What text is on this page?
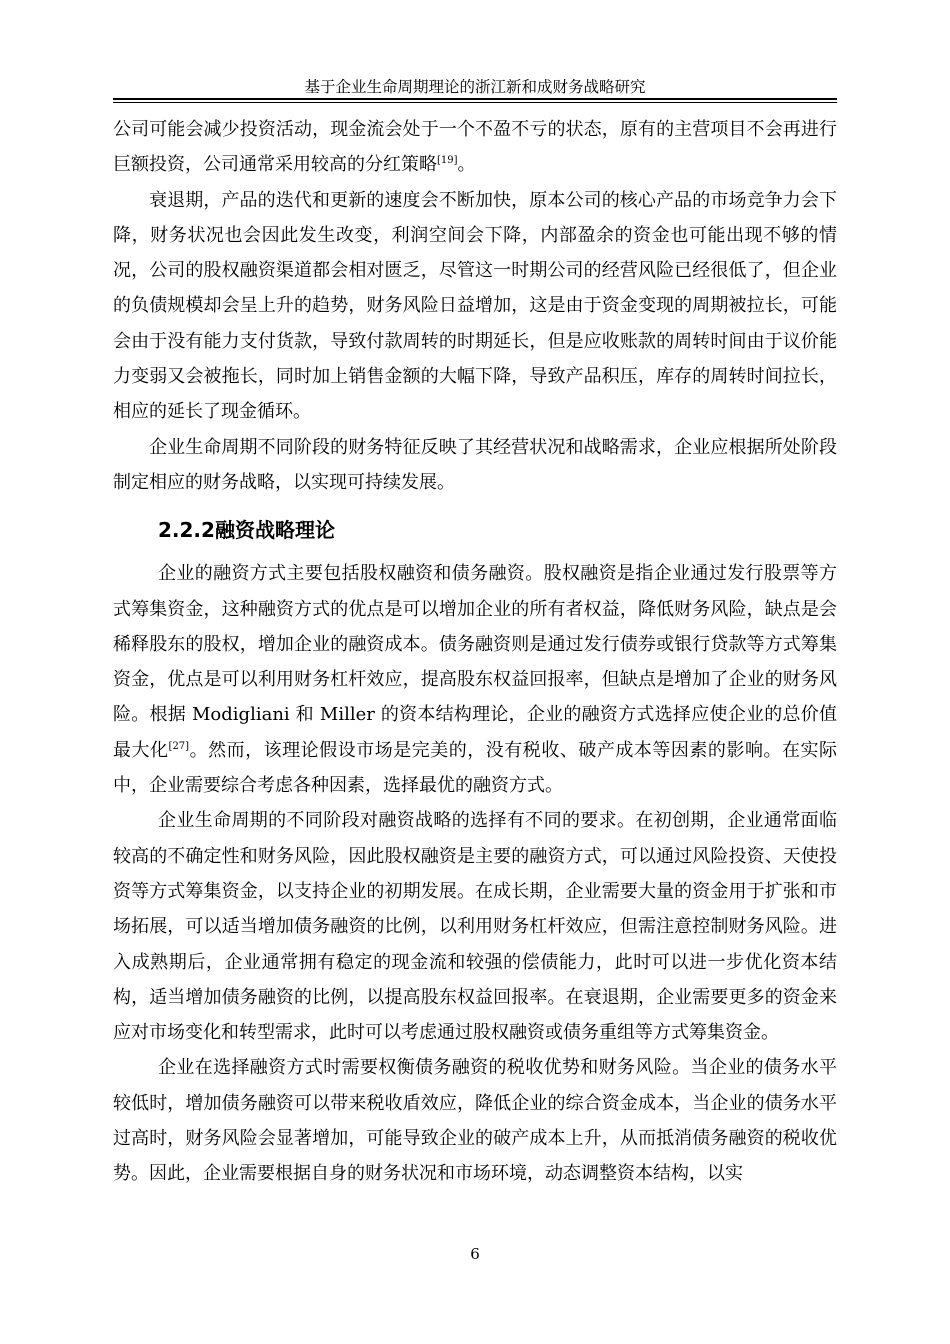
基于企业生命周期理论的浙江新和成财务战略研究

公司可能会减少投资活动，现金流会处于一个不盈不亏的状态，原有的主营项目不会再进行巨额投资，公司通常采用较高的分红策略[19]。

衰退期，产品的迭代和更新的速度会不断加快，原本公司的核心产品的市场竞争力会下降，财务状况也会因此发生改变，利润空间会下降，内部盈余的资金也可能出现不够的情况，公司的股权融资渠道都会相对匮乏，尽管这一时期公司的经营风险已经很低了，但企业的负债规模却会呈上升的趋势，财务风险日益增加，这是由于资金变现的周期被拉长，可能会由于没有能力支付货款，导致付款周转的时期延长，但是应收账款的周转时间由于议价能力变弱又会被拖长，同时加上销售金额的大幅下降，导致产品积压，库存的周转时间拉长，相应的延长了现金循环。

企业生命周期不同阶段的财务特征反映了其经营状况和战略需求，企业应根据所处阶段制定相应的财务战略，以实现可持续发展。

2.2.2融资战略理论

企业的融资方式主要包括股权融资和债务融资。股权融资是指企业通过发行股票等方式筹集资金，这种融资方式的优点是可以增加企业的所有者权益，降低财务风险，缺点是会稀释股东的股权，增加企业的融资成本。债务融资则是通过发行债券或银行贷款等方式筹集资金，优点是可以利用财务杠杆效应，提高股东权益回报率，但缺点是增加了企业的财务风险。根据 Modigliani 和 Miller 的资本结构理论，企业的融资方式选择应使企业的总价值最大化[27]。然而，该理论假设市场是完美的，没有税收、破产成本等因素的影响。在实际中，企业需要综合考虑各种因素，选择最优的融资方式。

企业生命周期的不同阶段对融资战略的选择有不同的要求。在初创期，企业通常面临较高的不确定性和财务风险，因此股权融资是主要的融资方式，可以通过风险投资、天使投资等方式筹集资金，以支持企业的初期发展。在成长期，企业需要大量的资金用于扩张和市场拓展，可以适当增加债务融资的比例，以利用财务杠杆效应，但需注意控制财务风险。进入成熟期后，企业通常拥有稳定的现金流和较强的偿债能力，此时可以进一步优化资本结构，适当增加债务融资的比例，以提高股东权益回报率。在衰退期，企业需要更多的资金来应对市场变化和转型需求，此时可以考虑通过股权融资或债务重组等方式筹集资金。

企业在选择融资方式时需要权衡债务融资的税收优势和财务风险。当企业的债务水平较低时，增加债务融资可以带来税收盾效应，降低企业的综合资金成本，当企业的债务水平过高时，财务风险会显著增加，可能导致企业的破产成本上升，从而抵消债务融资的税收优势。因此，企业需要根据自身的财务状况和市场环境，动态调整资本结构，以实

6
